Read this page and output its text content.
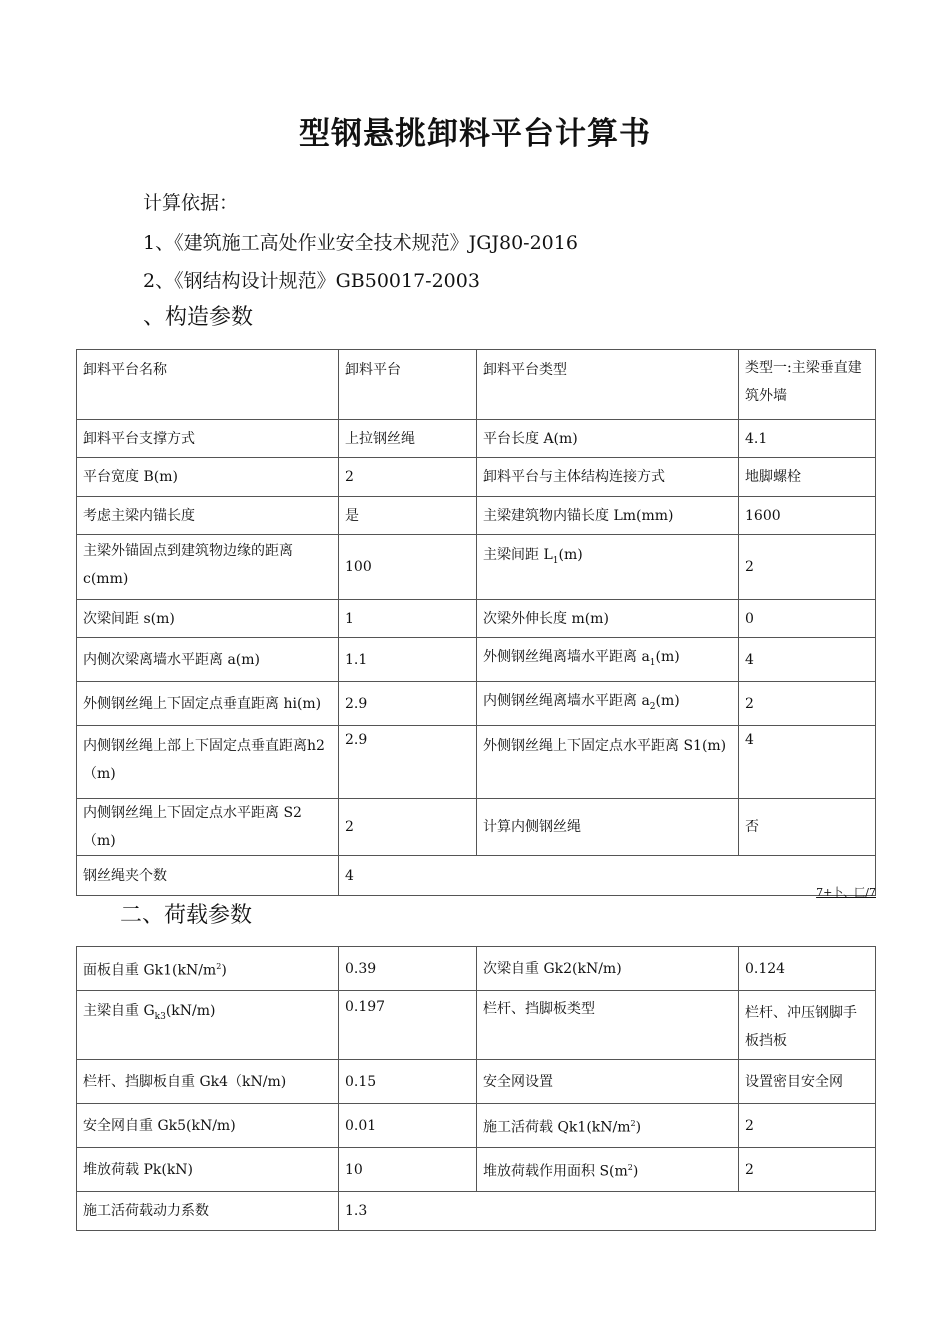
型钢悬挑卸料平台计算书
计算依据：
1、《建筑施工高处作业安全技术规范》JGJ80-2016
2、《钢结构设计规范》GB50017-2003
、构造参数
卸料平台名称	卸料平台	卸料平台类型	类型一:主梁垂直建筑外墙
卸料平台支撑方式	上拉钢丝绳	平台长度 A(m)	4.1
平台宽度 B(m)	2	卸料平台与主体结构连接方式	地脚螺栓
考虑主梁内锚长度	是	主梁建筑物内锚长度 Lm(mm)	1600
主梁外锚固点到建筑物边缘的距离c(mm)	100	主梁间距 $L_1(m)$	2
次梁间距 s(m)	1	次梁外伸长度 m(m)	0
内侧次梁离墙水平距离 a(m)	1.1	外侧钢丝绳离墙水平距离 $a_1(m)$	4
外侧钢丝绳上下固定点垂直距离 hi(m)	2.9	内侧钢丝绳离墙水平距离 $a_2(m)$	2
内侧钢丝绳上部上下固定点垂直距离h2（m)	2.9	外侧钢丝绳上下固定点水平距离 S1(m)	4
内侧钢丝绳上下固定点水平距离 S2（m)	2	计算内侧钢丝绳	否
钢丝绳夹个数	4		
7+卜、匚/7
二、荷载参数
面板自重 $Gk1(kN/m^2)$	0.39	次梁自重 Gk2(kN/m)	0.124
主梁自重 $G_{k3}(kN/m)$	0.197	栏杆、挡脚板类型	栏杆、冲压钢脚手板挡板
栏杆、挡脚板自重 Gk4（kN/m)	0.15	安全网设置	设置密目安全网
安全网自重 Gk5(kN/m)	0.01	施工活荷载 $Qk1(kN/m^2)$	2
堆放荷载 Pk(kN)	10	堆放荷载作用面积 $S(m^2)$	2
施工活荷载动力系数	1.3		
